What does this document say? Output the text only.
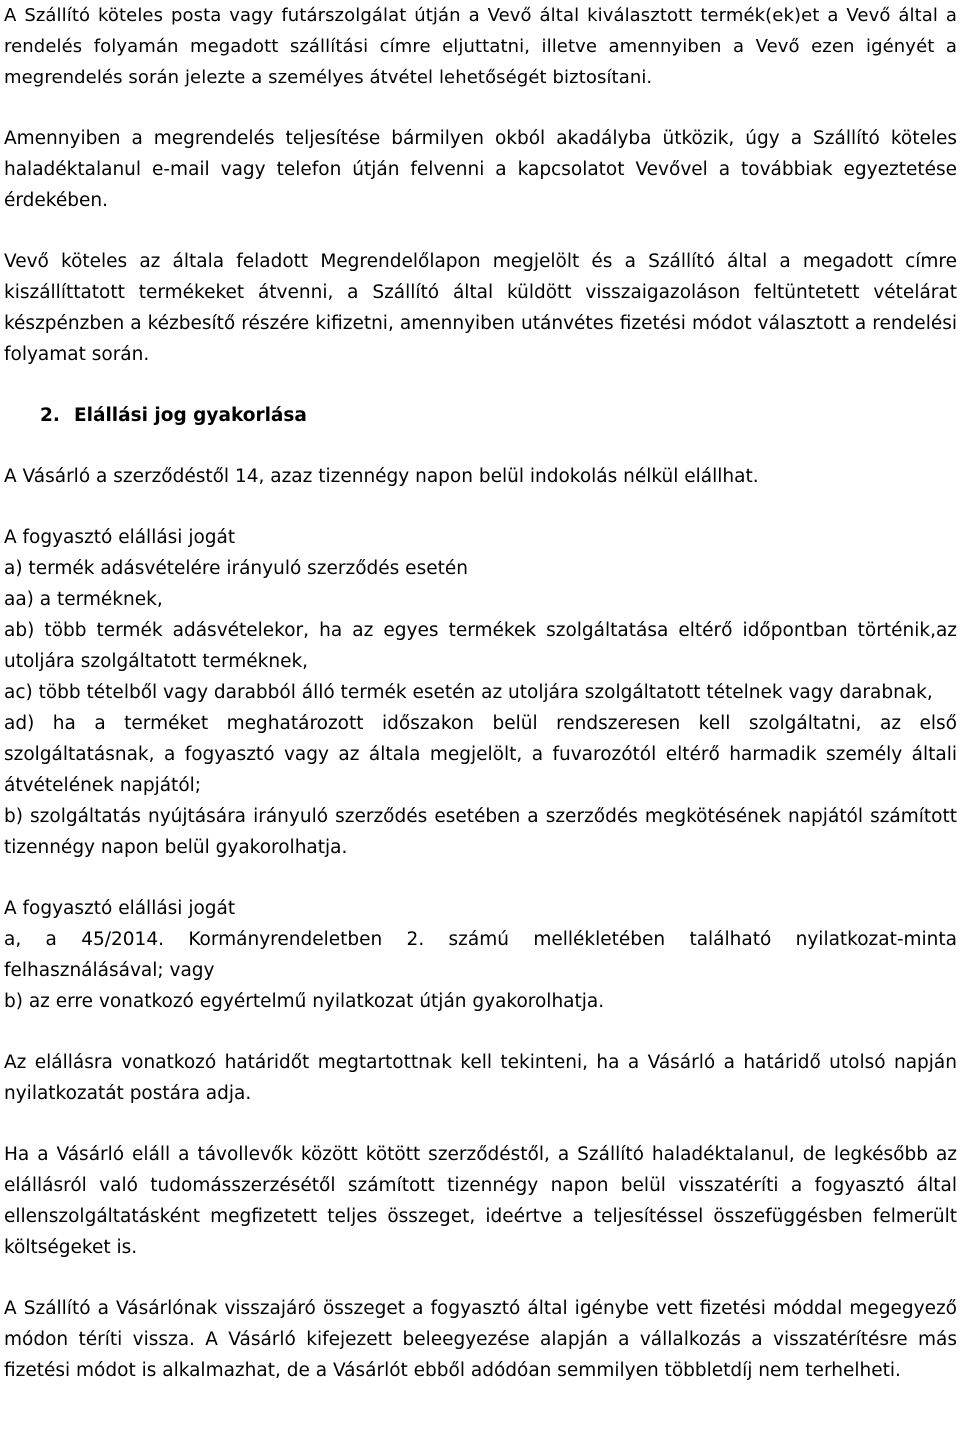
A Szállító köteles posta vagy futárszolgálat útján a Vevő által kiválasztott termék(ek)et a Vevő által a rendelés folyamán megadott szállítási címre eljuttatni, illetve amennyiben a Vevő ezen igényét a megrendelés során jelezte a személyes átvétel lehetőségét biztosítani.

Amennyiben a megrendelés teljesítése bármilyen okból akadályba ütközik, úgy a Szállító köteles haladéktalanul e-mail vagy telefon útján felvenni a kapcsolatot Vevővel a továbbiak egyeztetése érdekében.

Vevő köteles az általa feladott Megrendelőlapon megjelölt és a Szállító által a megadott címre kiszállíttatott termékeket átvenni, a Szállító által küldött visszaigazoláson feltüntetett vételárat készpénzben a kézbesítő részére kifizetni, amennyiben utánvétes fizetési módot választott a rendelési folyamat során.

2. Elállási jog gyakorlása

A Vásárló a szerződéstől 14, azaz tizennégy napon belül indokolás nélkül elállhat.

A fogyasztó elállási jogát

a) termék adásvételére irányuló szerződés esetén

aa) a terméknek,

ab) több termék adásvételekor, ha az egyes termékek szolgáltatása eltérő időpontban történik,az utoljára szolgáltatott terméknek,

ac) több tételből vagy darabból álló termék esetén az utoljára szolgáltatott tételnek vagy darabnak,

ad) ha a terméket meghatározott időszakon belül rendszeresen kell szolgáltatni, az első szolgáltatásnak, a fogyasztó vagy az általa megjelölt, a fuvarozótól eltérő harmadik személy általi átvételének napjától;

b) szolgáltatás nyújtására irányuló szerződés esetében a szerződés megkötésének napjától számított tizennégy napon belül gyakorolhatja.

A fogyasztó elállási jogát

a, a 45/2014. Kormányrendeletben 2. számú mellékletében található nyilatkozat-minta felhasználásával; vagy

b) az erre vonatkozó egyértelmű nyilatkozat útján gyakorolhatja.

Az elállásra vonatkozó határidőt megtartottnak kell tekinteni, ha a Vásárló a határidő utolsó napján nyilatkozatát postára adja.

Ha a Vásárló eláll a távollevők között kötött szerződéstől, a Szállító haladéktalanul, de legkésőbb az elállásról való tudomásszerzésétől számított tizennégy napon belül visszatéríti a fogyasztó által ellenszolgáltatásként megfizetett teljes összeget, ideértve a teljesítéssel összefüggésben felmerült költségeket is.

A Szállító a Vásárlónak visszajáró összeget a fogyasztó által igénybe vett fizetési móddal megegyező módon téríti vissza. A Vásárló kifejezett beleegyezése alapján a vállalkozás a visszatérítésre más fizetési módot is alkalmazhat, de a Vásárlót ebből adódóan semmilyen többletdíj nem terhelheti.
